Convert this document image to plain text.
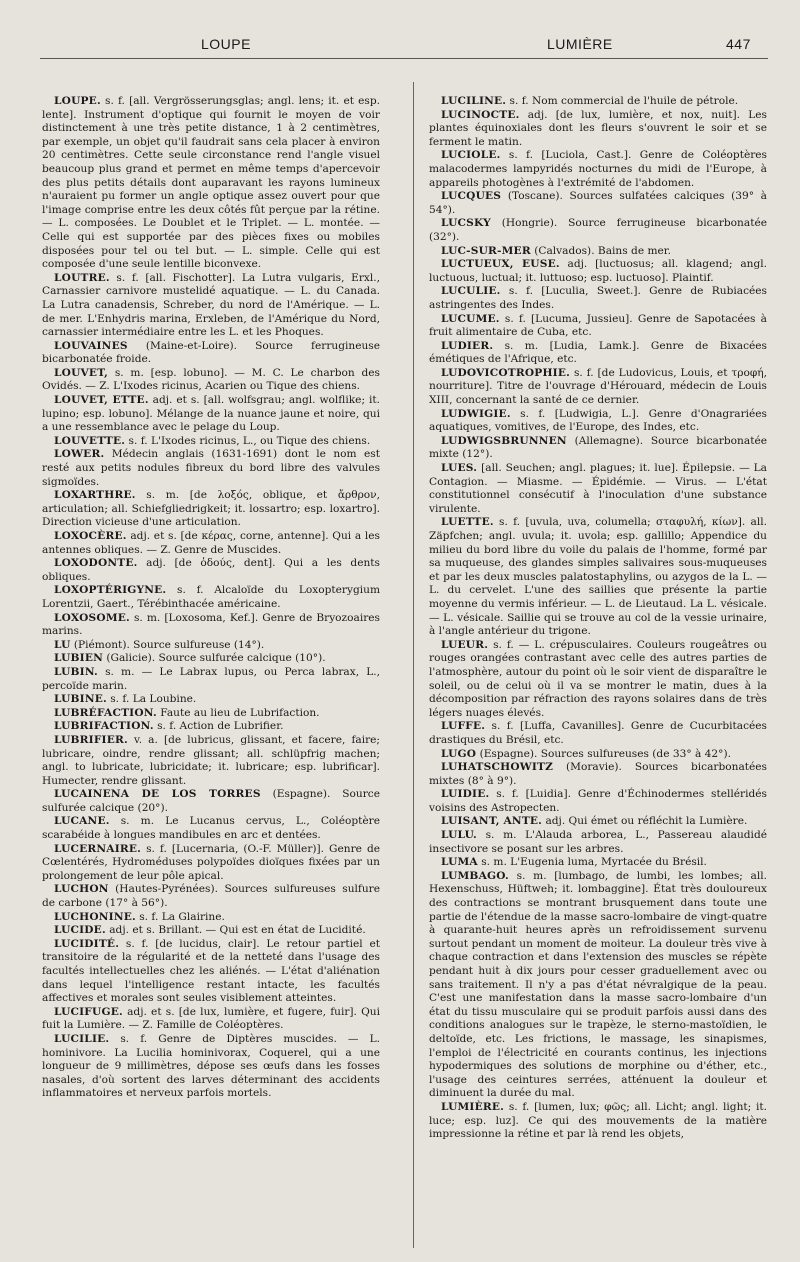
LOUPE	LUMIÈRE	447

LOUPE. s. f. [all. Vergrösserungsglas; angl. lens; it. et esp. lente]. Instrument d'optique qui fournit le moyen de voir distinctement à une très petite distance, 1 à 2 centimètres, par exemple, un objet qu'il faudrait sans cela placer à environ 20 centimètres. Cette seule circonstance rend l'angle visuel beaucoup plus grand et permet en même temps d'apercevoir des plus petits détails dont auparavant les rayons lumineux n'auraient pu former un angle optique assez ouvert pour que l'image comprise entre les deux côtés fût perçue par la rétine. — L. composées. Le Doublet et le Triplet. — L. montée. — Celle qui est supportée par des pièces fixes ou mobiles disposées pour tel ou tel but. — L. simple. Celle qui est composée d'une seule lentille biconvexe.

LOUTRE. s. f. [all. Fischotter]. La Lutra vulgaris, Erxl., Carnassier carnivore mustelidé aquatique. — L. du Canada. La Lutra canadensis, Schreber, du nord de l'Amérique. — L. de mer. L'Enhydris marina, Erxleben, de l'Amérique du Nord, carnassier intermédiaire entre les L. et les Phoques.

LOUVAINES (Maine-et-Loire). Source ferrugineuse bicarbonatée froide.

LOUVET, s. m. [esp. lobuno]. — M. C. Le charbon des Ovidés. — Z. L'Ixodes ricinus, Acarien ou Tique des chiens.

LOUVET, ETTE. adj. et s. [all. wolfsgrau; angl. wolflike; it. lupino; esp. lobuno]. Mélange de la nuance jaune et noire, qui a une ressemblance avec le pelage du Loup.

LOUVETTE. s. f. L'Ixodes ricinus, L., ou Tique des chiens.

LOWER. Médecin anglais (1631-1691) dont le nom est resté aux petits nodules fibreux du bord libre des valvules sigmoïdes.

LOXARTHRE. s. m. [de λοξός, oblique, et ἄρθρον, articulation; all. Schiefgliedrigkeit; it. lossartro; esp. loxartro]. Direction vicieuse d'une articulation.

LOXOCÈRE. adj. et s. [de κέρας, corne, antenne]. Qui a les antennes obliques. — Z. Genre de Muscides.

LOXODONTE. adj. [de ὀδούς, dent]. Qui a les dents obliques.

LOXOPTÉRIGYNE. s. f. Alcaloïde du Loxopterygium Lorentzii, Gaert., Térébinthacée américaine.

LOXOSOME. s. m. [Loxosoma, Kef.]. Genre de Bryozoaires marins.

LU (Piémont). Source sulfureuse (14°).

LUBIEN (Galicie). Source sulfurée calcique (10°).

LUBIN. s. m. — Le Labrax lupus, ou Perca labrax, L., percoïde marin.

LUBINE. s. f. La Loubine.

LUBRÉFACTION. Faute au lieu de Lubrifaction.

LUBRIFACTION. s. f. Action de Lubrifier.

LUBRIFIER. v. a. [de lubricus, glissant, et facere, faire; lubricare, oindre, rendre glissant; all. schlüpfrig machen; angl. to lubricate, lubricidate; it. lubricare; esp. lubrificar]. Humecter, rendre glissant.

LUCAINENA DE LOS TORRES (Espagne). Source sulfurée calcique (20°).

LUCANE. s. m. Le Lucanus cervus, L., Coléoptère scarabéide à longues mandibules en arc et dentées.

LUCERNAIRE. s. f. [Lucernaria, (O.-F. Müller)]. Genre de Cœlentérés, Hydroméduses polypoïdes dioïques fixées par un prolongement de leur pôle apical.

LUCHON (Hautes-Pyrénées). Sources sulfureuses sulfure de carbone (17° à 56°).

LUCHONINE. s. f. La Glairine.

LUCIDE. adj. et s. Brillant. — Qui est en état de Lucidité.

LUCIDITÉ. s. f. [de lucidus, clair]. Le retour partiel et transitoire de la régularité et de la netteté dans l'usage des facultés intellectuelles chez les aliénés. — L'état d'aliénation dans lequel l'intelligence restant intacte, les facultés affectives et morales sont seules visiblement atteintes.

LUCIFUGE. adj. et s. [de lux, lumière, et fugere, fuir]. Qui fuit la Lumière. — Z. Famille de Coléoptères.

LUCILIE. s. f. Genre de Diptères muscides. — L. hominivore. La Lucilia hominivorax, Coquerel, qui a une longueur de 9 millimètres, dépose ses œufs dans les fosses nasales, d'où sortent des larves déterminant des accidents inflammatoires et nerveux parfois mortels.

LUCILINE. s. f. Nom commercial de l'huile de pétrole.

LUCINOCTE. adj. [de lux, lumière, et nox, nuit]. Les plantes équinoxiales dont les fleurs s'ouvrent le soir et se ferment le matin.

LUCIOLE. s. f. [Luciola, Cast.]. Genre de Coléoptères malacodermes lampyridés nocturnes du midi de l'Europe, à appareils photogènes à l'extrémité de l'abdomen.

LUCQUES (Toscane). Sources sulfatées calciques (39° à 54°).

LUCSKY (Hongrie). Source ferrugineuse bicarbonatée (32°).

LUC-SUR-MER (Calvados). Bains de mer.

LUCTUEUX, EUSE. adj. [luctuosus; all. klagend; angl. luctuous, luctual; it. luttuoso; esp. luctuoso]. Plaintif.

LUCULIE. s. f. [Luculia, Sweet.]. Genre de Rubiacées astringentes des Indes.

LUCUME. s. f. [Lucuma, Jussieu]. Genre de Sapotacées à fruit alimentaire de Cuba, etc.

LUDIER. s. m. [Ludia, Lamk.]. Genre de Bixacées émétiques de l'Afrique, etc.

LUDOVICOTROPHIE. s. f. [de Ludovicus, Louis, et τροφή, nourriture]. Titre de l'ouvrage d'Hérouard, médecin de Louis XIII, concernant la santé de ce dernier.

LUDWIGIE. s. f. [Ludwigia, L.]. Genre d'Onagrariées aquatiques, vomitives, de l'Europe, des Indes, etc.

LUDWIGSBRUNNEN (Allemagne). Source bicarbonatée mixte (12°).

LUES. [all. Seuchen; angl. plagues; it. lue]. Épilepsie. — La Contagion. — Miasme. — Épidémie. — Virus. — L'état constitutionnel consécutif à l'inoculation d'une substance virulente.

LUETTE. s. f. [uvula, uva, columella; σταφυλή, κίων]. all. Zäpfchen; angl. uvula; it. uvola; esp. gallillo; Appendice du milieu du bord libre du voile du palais de l'homme, formé par sa muqueuse, des glandes simples salivaires sous-muqueuses et par les deux muscles palatostaphylins, ou azygos de la L. — L. du cervelet. L'une des saillies que présente la partie moyenne du vermis inférieur. — L. de Lieutaud. La L. vésicale. — L. vésicale. Saillie qui se trouve au col de la vessie urinaire, à l'angle antérieur du trigone.

LUEUR. s. f. — L. crépusculaires. Couleurs rougeâtres ou rouges orangées contrastant avec celle des autres parties de l'atmosphère, autour du point où le soir vient de disparaître le soleil, ou de celui où il va se montrer le matin, dues à la décomposition par réfraction des rayons solaires dans de très légers nuages élevés.

LUFFE. s. f. [Luffa, Cavanilles]. Genre de Cucurbitacées drastiques du Brésil, etc.

LUGO (Espagne). Sources sulfureuses (de 33° à 42°).

LUHATSCHOWITZ (Moravie). Sources bicarbonatées mixtes (8° à 9°).

LUIDIE. s. f. [Luidia]. Genre d'Échinodermes stelléridés voisins des Astropecten.

LUISANT, ANTE. adj. Qui émet ou réfléchit la Lumière.

LULU. s. m. L'Alauda arborea, L., Passereau alaudidé insectivore se posant sur les arbres.

LUMA s. m. L'Eugenia luma, Myrtacée du Brésil.

LUMBAGO. s. m. [lumbago, de lumbi, les lombes; all. Hexenschuss, Hüftweh; it. lombaggine]. État très douloureux des contractions se montrant brusquement dans toute une partie de l'étendue de la masse sacro-lombaire de vingt-quatre à quarante-huit heures après un refroidissement survenu surtout pendant un moment de moiteur. La douleur très vive à chaque contraction et dans l'extension des muscles se répète pendant huit à dix jours pour cesser graduellement avec ou sans traitement. Il n'y a pas d'état névralgique de la peau. C'est une manifestation dans la masse sacro-lombaire d'un état du tissu musculaire qui se produit parfois aussi dans des conditions analogues sur le trapèze, le sterno-mastoïdien, le deltoïde, etc. Les frictions, le massage, les sinapismes, l'emploi de l'électricité en courants continus, les injections hypodermiques des solutions de morphine ou d'éther, etc., l'usage des ceintures serrées, atténuent la douleur et diminuent la durée du mal.

LUMIÈRE. s. f. [lumen, lux; φῶς; all. Licht; angl. light; it. luce; esp. luz]. Ce qui des mouvements de la matière impressionne la rétine et par là rend les objets,
